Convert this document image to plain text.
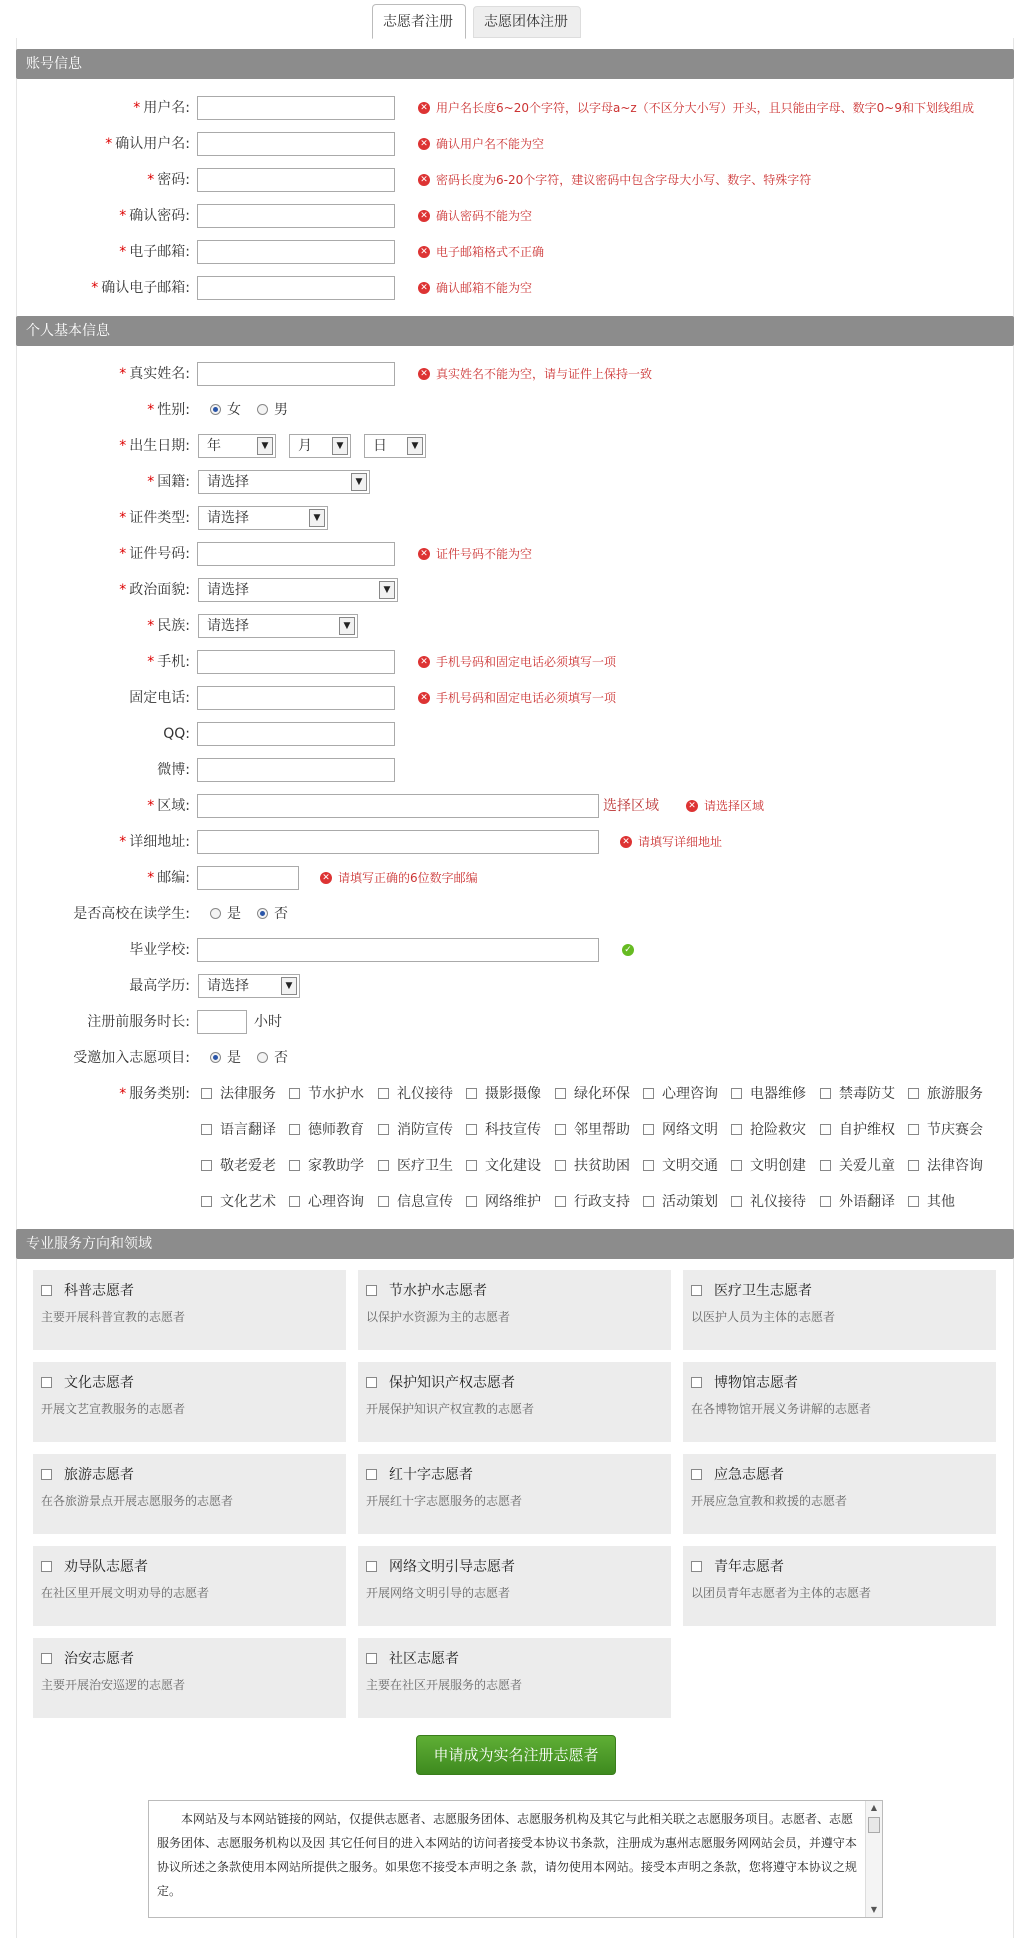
志愿者注册	志愿团体注册
账号信息
* 用户名:	✕ 用户名长度6~20个字符，以字母a~z（不区分大小写）开头，且只能由字母、数字0~9和下划线组成
* 确认用户名:	✕ 确认用户名不能为空
* 密码:	✕ 密码长度为6-20个字符，建议密码中包含字母大小写、数字、特殊字符
* 确认密码:	✕ 确认密码不能为空
* 电子邮箱:	✕ 电子邮箱格式不正确
* 确认电子邮箱:	✕ 确认邮箱不能为空
个人基本信息
* 真实姓名:	✕ 真实姓名不能为空，请与证件上保持一致
* 性别:	女	男
* 出生日期:	年	▼	月	▼	日	▼
* 国籍:	请选择	▼
* 证件类型:	请选择	▼
* 证件号码:	✕ 证件号码不能为空
* 政治面貌:	请选择	▼
* 民族:	请选择	▼
* 手机:	✕ 手机号码和固定电话必须填写一项
固定电话:	✕ 手机号码和固定电话必须填写一项
QQ:
微博:
* 区域:	选择区域	✕ 请选择区域
* 详细地址:	✕ 请填写详细地址
* 邮编:	✕ 请填写正确的6位数字邮编
是否高校在读学生:	是	否
毕业学校:	✓
最高学历:	请选择	▼
注册前服务时长:	小时
受邀加入志愿项目:	是	否
* 服务类别:	法律服务	节水护水	礼仪接待	摄影摄像	绿化环保	心理咨询	电器维修	禁毒防艾	旅游服务
语言翻译	德师教育	消防宣传	科技宣传	邻里帮助	网络文明	抢险救灾	自护维权	节庆赛会
敬老爱老	家教助学	医疗卫生	文化建设	扶贫助困	文明交通	文明创建	关爱儿童	法律咨询
文化艺术	心理咨询	信息宣传	网络维护	行政支持	活动策划	礼仪接待	外语翻译	其他
专业服务方向和领域
科普志愿者
主要开展科普宣教的志愿者
节水护水志愿者
以保护水资源为主的志愿者
医疗卫生志愿者
以医护人员为主体的志愿者
文化志愿者
开展文艺宣教服务的志愿者
保护知识产权志愿者
开展保护知识产权宣教的志愿者
博物馆志愿者
在各博物馆开展义务讲解的志愿者
旅游志愿者
在各旅游景点开展志愿服务的志愿者
红十字志愿者
开展红十字志愿服务的志愿者
应急志愿者
开展应急宣教和救援的志愿者
劝导队志愿者
在社区里开展文明劝导的志愿者
网络文明引导志愿者
开展网络文明引导的志愿者
青年志愿者
以团员青年志愿者为主体的志愿者
治安志愿者
主要开展治安巡逻的志愿者
社区志愿者
主要在社区开展服务的志愿者
申请成为实名注册志愿者
本网站及与本网站链接的网站，仅提供志愿者、志愿服务团体、志愿服务机构及其它与此相关联之志愿服务项目。志愿者、志愿服务团体、志愿服务机构以及因 其它任何目的进入本网站的访问者接受本协议书条款，注册成为惠州志愿服务网网站会员，并遵守本协议所述之条款使用本网站所提供之服务。如果您不接受本声明之条 款，请勿使用本网站。接受本声明之条款，您将遵守本协议之规定。
▲
▼
